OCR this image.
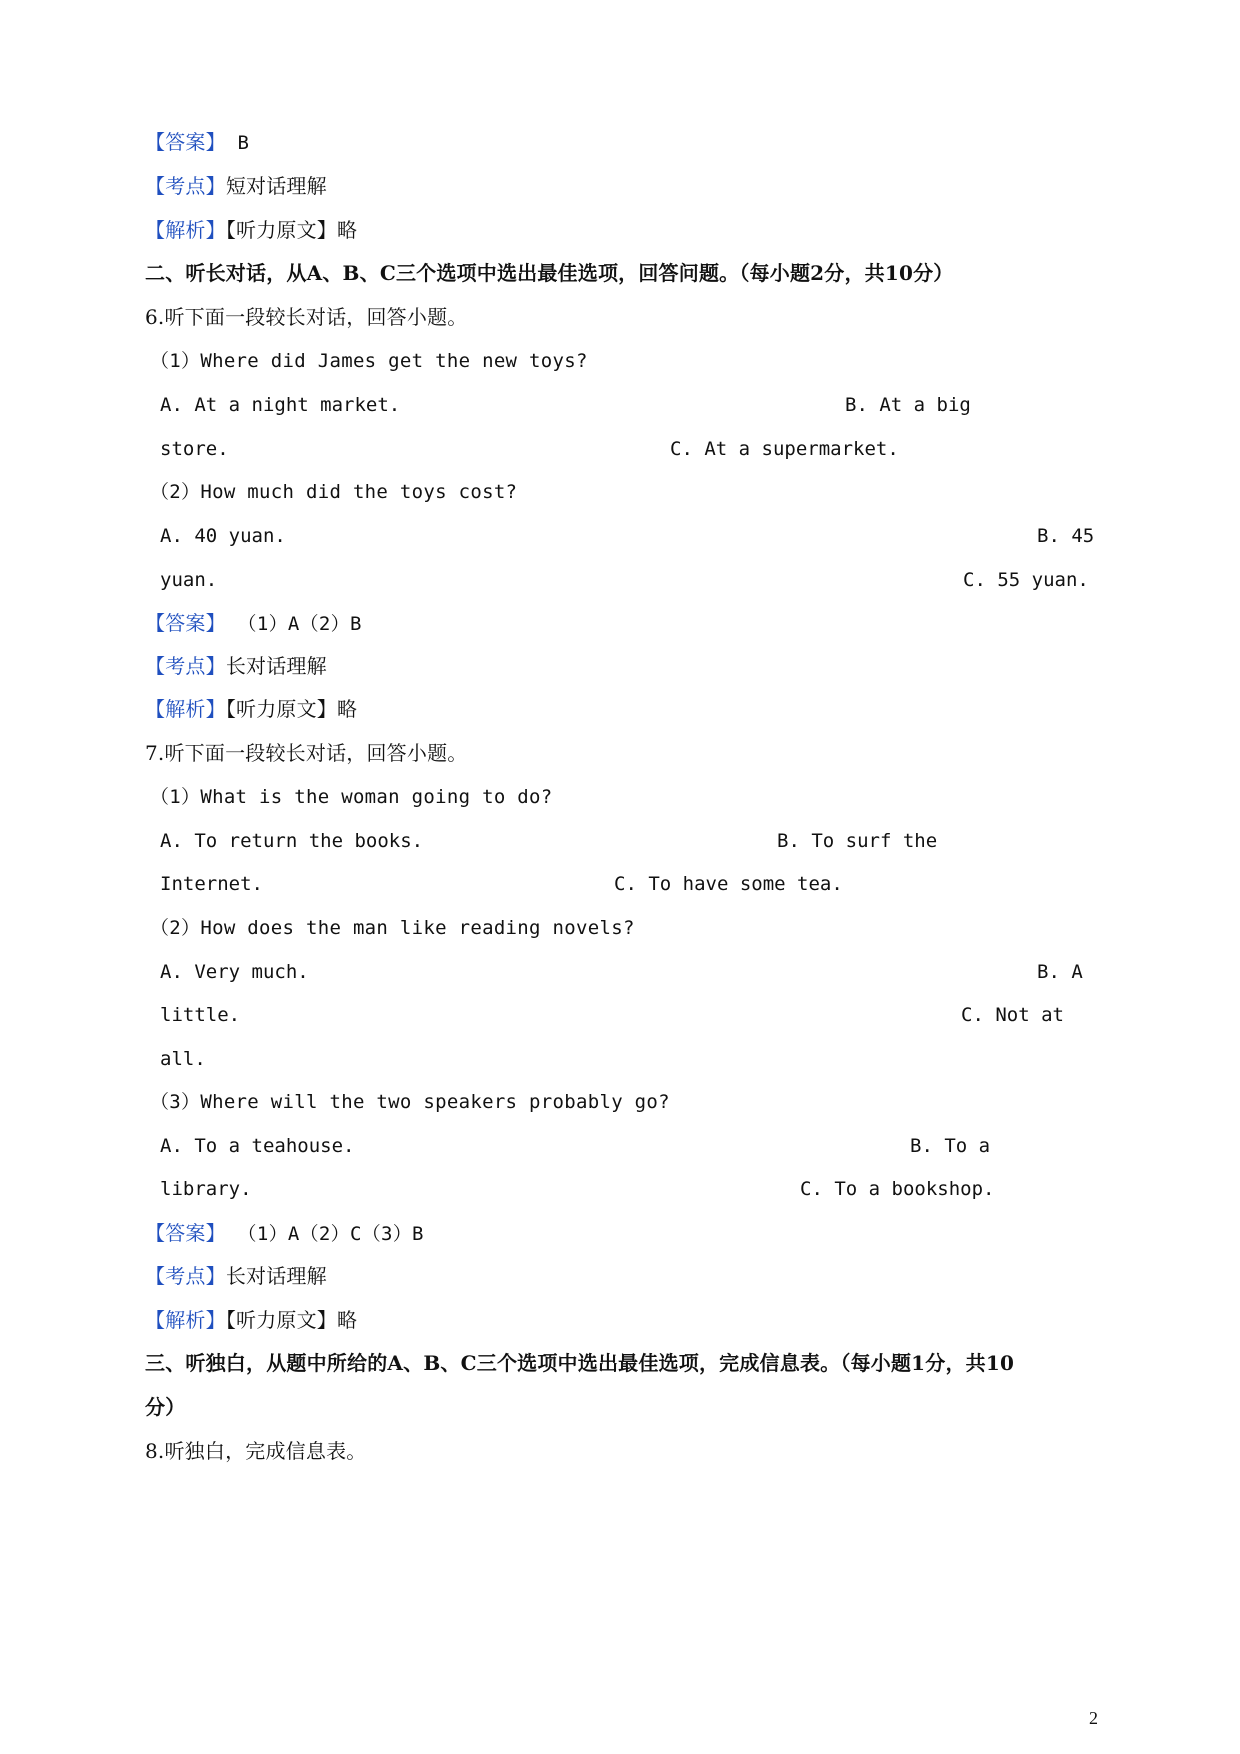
【答案】 B
【考点】短对话理解
【解析】【听力原文】略
二、听长对话，从A、B、C三个选项中选出最佳选项，回答问题。（每小题2分，共10分）
6.听下面一段较长对话，回答小题。
（1）Where did James get the new toys?
A. At a night market.	B. At a big
store.	C. At a supermarket.
（2）How much did the toys cost?
A. 40 yuan.	B. 45
yuan.	C. 55 yuan.
【答案】 （1）A（2）B
【考点】长对话理解
【解析】【听力原文】略
7.听下面一段较长对话，回答小题。
（1）What is the woman going to do?
A. To return the books.	B. To surf the
Internet.	C. To have some tea.
（2）How does the man like reading novels?
A. Very much.	B. A
little.	C. Not at
all.
（3）Where will the two speakers probably go?
A. To a teahouse.	B. To a
library.	C. To a bookshop.
【答案】 （1）A（2）C（3）B
【考点】长对话理解
【解析】【听力原文】略
三、听独白，从题中所给的A、B、C三个选项中选出最佳选项，完成信息表。（每小题1分，共10
分）
8.听独白，完成信息表。
2
